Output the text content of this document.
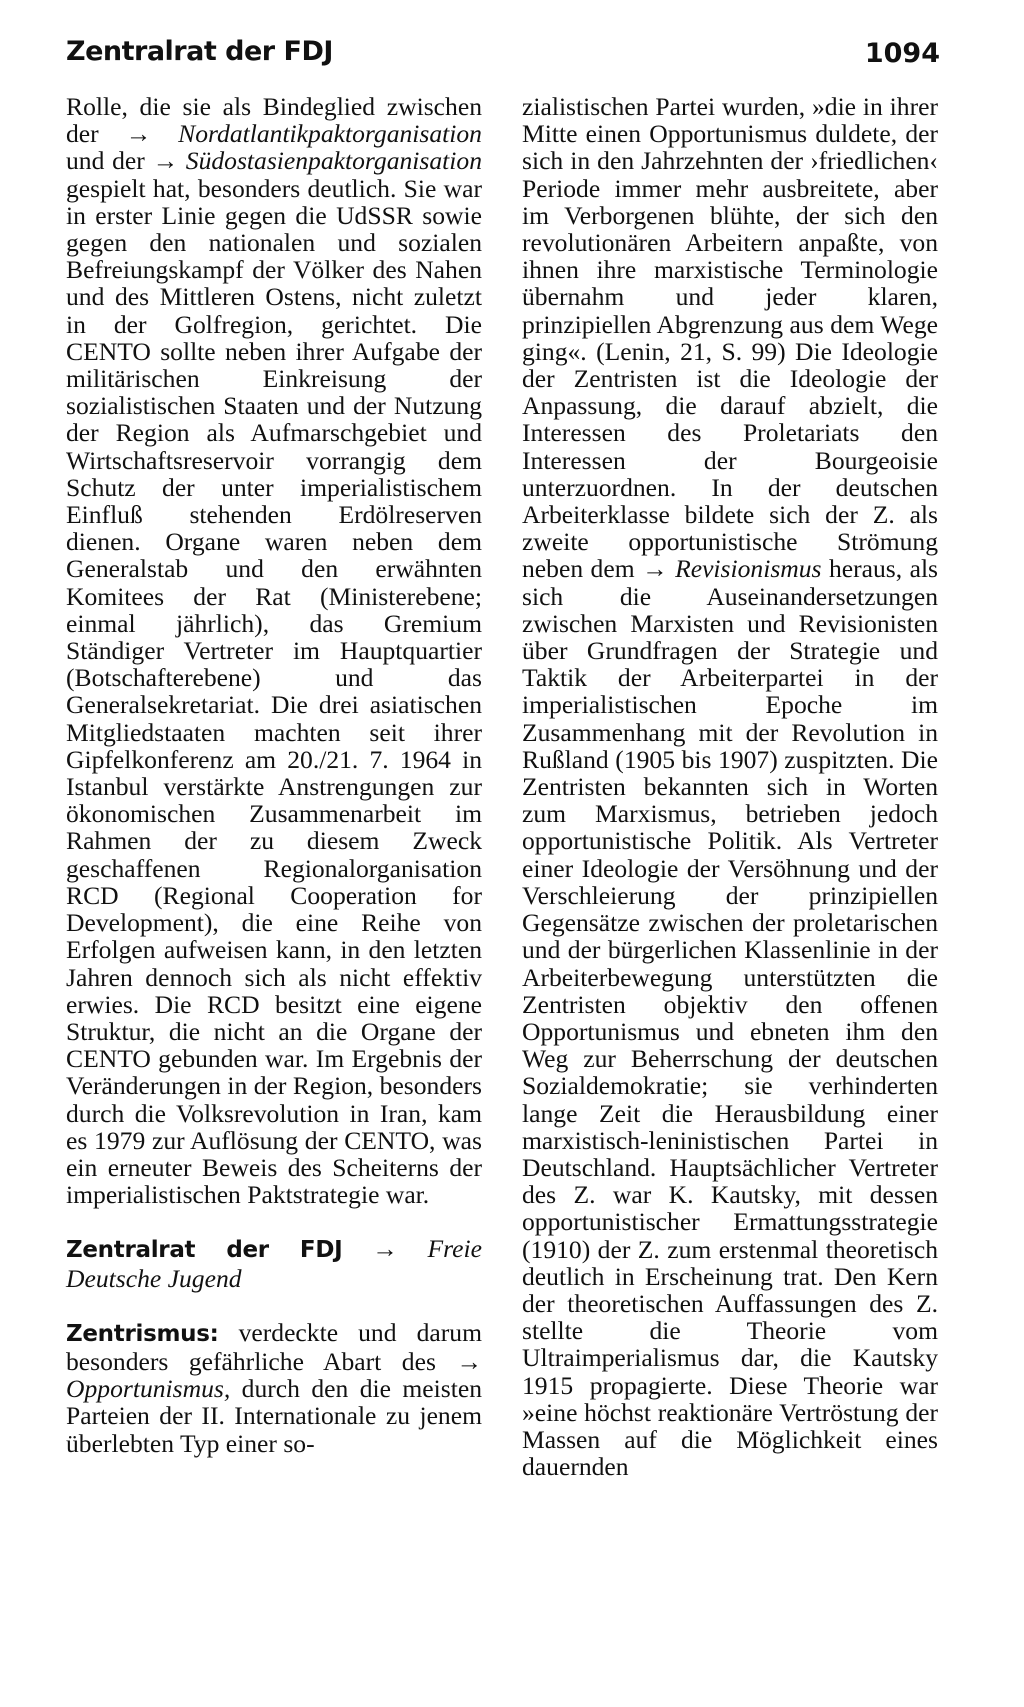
Zentralrat der FDJ	1094

Rolle, die sie als Bindeglied zwischen der → Nordatlantikpaktorganisation und der → Südostasienpaktorganisation gespielt hat, besonders deutlich. Sie war in erster Linie gegen die UdSSR sowie gegen den nationalen und sozialen Befreiungskampf der Völker des Nahen und des Mittleren Ostens, nicht zuletzt in der Golfregion, gerichtet. Die CENTO sollte neben ihrer Aufgabe der militärischen Einkreisung der sozialistischen Staaten und der Nutzung der Region als Aufmarschgebiet und Wirtschaftsreservoir vorrangig dem Schutz der unter imperialistischem Einfluß stehenden Erdölreserven dienen. Organe waren neben dem Generalstab und den erwähnten Komitees der Rat (Ministerebene; einmal jährlich), das Gremium Ständiger Vertreter im Hauptquartier (Botschafterebene) und das Generalsekretariat. Die drei asiatischen Mitgliedstaaten machten seit ihrer Gipfelkonferenz am 20./21. 7. 1964 in Istanbul verstärkte Anstrengungen zur ökonomischen Zusammenarbeit im Rahmen der zu diesem Zweck geschaffenen Regionalorganisation RCD (Regional Cooperation for Development), die eine Reihe von Erfolgen aufweisen kann, in den letzten Jahren dennoch sich als nicht effektiv erwies. Die RCD besitzt eine eigene Struktur, die nicht an die Organe der CENTO gebunden war. Im Ergebnis der Veränderungen in der Region, besonders durch die Volksrevolution in Iran, kam es 1979 zur Auflösung der CENTO, was ein erneuter Beweis des Scheiterns der imperialistischen Paktstrategie war.

Zentralrat der FDJ → Freie Deutsche Jugend

Zentrismus: verdeckte und darum besonders gefährliche Abart des → Opportunismus, durch den die meisten Parteien der II. Internationale zu jenem überlebten Typ einer so-

zialistischen Partei wurden, »die in ihrer Mitte einen Opportunismus duldete, der sich in den Jahrzehnten der ›friedlichen‹ Periode immer mehr ausbreitete, aber im Verborgenen blühte, der sich den revolutionären Arbeitern anpaßte, von ihnen ihre marxistische Terminologie übernahm und jeder klaren, prinzipiellen Abgrenzung aus dem Wege ging«. (Lenin, 21, S. 99) Die Ideologie der Zentristen ist die Ideologie der Anpassung, die darauf abzielt, die Interessen des Proletariats den Interessen der Bourgeoisie unterzuordnen. In der deutschen Arbeiterklasse bildete sich der Z. als zweite opportunistische Strömung neben dem → Revisionismus heraus, als sich die Auseinandersetzungen zwischen Marxisten und Revisionisten über Grundfragen der Strategie und Taktik der Arbeiterpartei in der imperialistischen Epoche im Zusammenhang mit der Revolution in Rußland (1905 bis 1907) zuspitzten. Die Zentristen bekannten sich in Worten zum Marxismus, betrieben jedoch opportunistische Politik. Als Vertreter einer Ideologie der Versöhnung und der Verschleierung der prinzipiellen Gegensätze zwischen der proletarischen und der bürgerlichen Klassenlinie in der Arbeiterbewegung unterstützten die Zentristen objektiv den offenen Opportunismus und ebneten ihm den Weg zur Beherrschung der deutschen Sozialdemokratie; sie verhinderten lange Zeit die Herausbildung einer marxistisch-leninistischen Partei in Deutschland. Hauptsächlicher Vertreter des Z. war K. Kautsky, mit dessen opportunistischer Ermattungsstrategie (1910) der Z. zum erstenmal theoretisch deutlich in Erscheinung trat. Den Kern der theoretischen Auffassungen des Z. stellte die Theorie vom Ultraimperialismus dar, die Kautsky 1915 propagierte. Diese Theorie war »eine höchst reaktionäre Vertröstung der Massen auf die Möglichkeit eines dauernden
